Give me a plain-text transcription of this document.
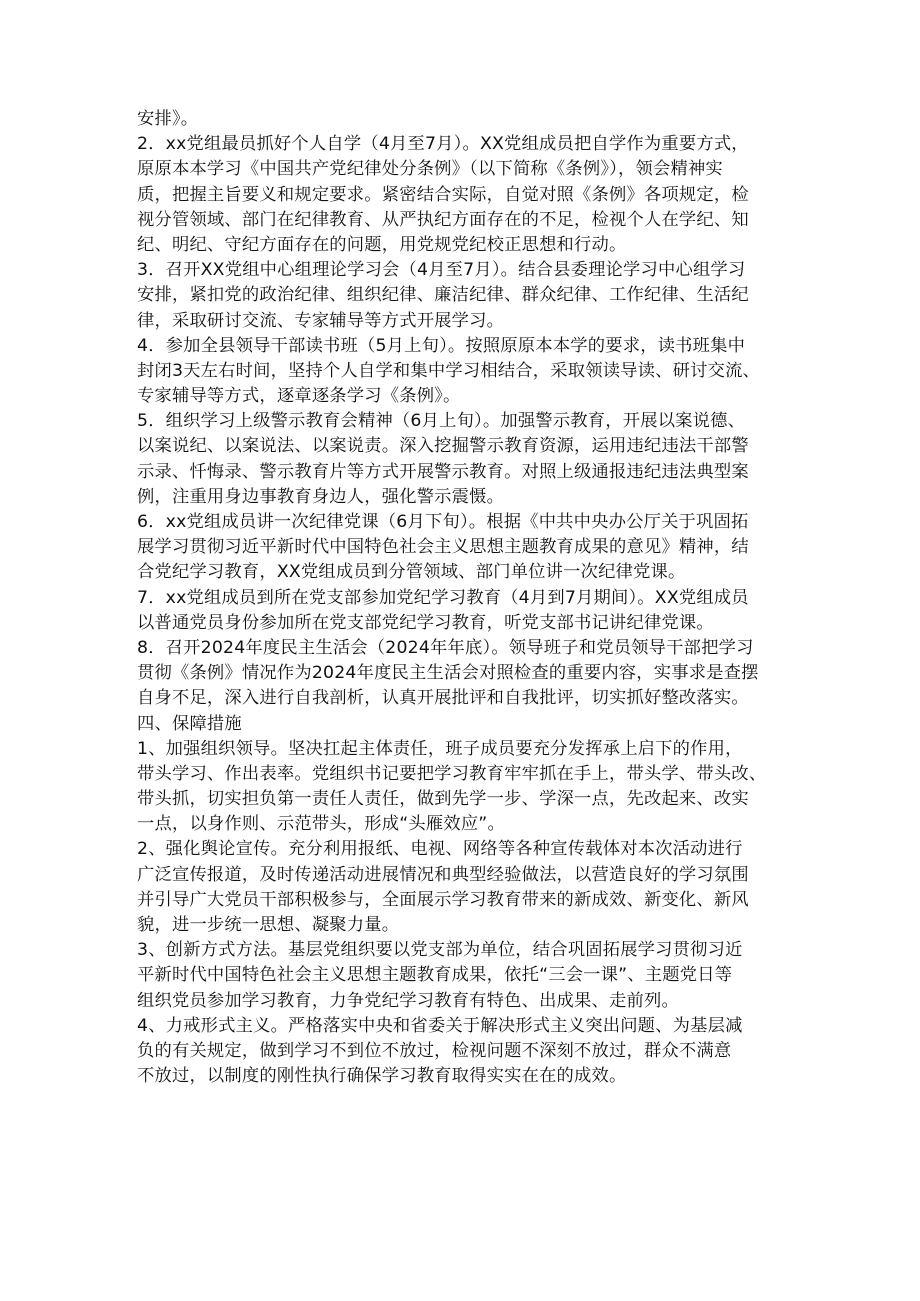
安排》。
2．xx党组最员抓好个人自学（4月至7月）。XX党组成员把自学作为重要方式，
原原本本学习《中国共产党纪律处分条例》（以下简称《条例》），领会精神实
质，把握主旨要义和规定要求。紧密结合实际，自觉对照《条例》各项规定，检
视分管领域、部门在纪律教育、从严执纪方面存在的不足，检视个人在学纪、知
纪、明纪、守纪方面存在的问题，用党规党纪校正思想和行动。
3．召开XX党组中心组理论学习会（4月至7月）。结合县委理论学习中心组学习
安排，紧扣党的政治纪律、组织纪律、廉洁纪律、群众纪律、工作纪律、生活纪
律，采取研讨交流、专家辅导等方式开展学习。
4．参加全县领导干部读书班（5月上旬）。按照原原本本学的要求，读书班集中
封闭3天左右时间，坚持个人自学和集中学习相结合，采取领读导读、研讨交流、
专家辅导等方式，逐章逐条学习《条例》。
5．组织学习上级警示教育会精神（6月上旬）。加强警示教育，开展以案说德、
以案说纪、以案说法、以案说责。深入挖掘警示教育资源，运用违纪违法干部警
示录、忏悔录、警示教育片等方式开展警示教育。对照上级通报违纪违法典型案
例，注重用身边事教育身边人，强化警示震慑。
6．xx党组成员讲一次纪律党课（6月下旬）。根据《中共中央办公厅关于巩固拓
展学习贯彻习近平新时代中国特色社会主义思想主题教育成果的意见》精神，结
合党纪学习教育，XX党组成员到分管领域、部门单位讲一次纪律党课。
7．xx党组成员到所在党支部参加党纪学习教育（4月到7月期间）。XX党组成员
以普通党员身份参加所在党支部党纪学习教育，听党支部书记讲纪律党课。
8．召开2024年度民主生活会（2024年年底）。领导班子和党员领导干部把学习
贯彻《条例》情况作为2024年度民主生活会对照检查的重要内容，实事求是查摆
自身不足，深入进行自我剖析，认真开展批评和自我批评，切实抓好整改落实。
四、保障措施
1、加强组织领导。坚决扛起主体责任，班子成员要充分发挥承上启下的作用，
带头学习、作出表率。党组织书记要把学习教育牢牢抓在手上，带头学、带头改、
带头抓，切实担负第一责任人责任，做到先学一步、学深一点，先改起来、改实
一点，以身作则、示范带头，形成“头雁效应”。
2、强化舆论宣传。充分利用报纸、电视、网络等各种宣传载体对本次活动进行
广泛宣传报道，及时传递活动进展情况和典型经验做法，以营造良好的学习氛围
并引导广大党员干部积极参与，全面展示学习教育带来的新成效、新变化、新风
貌，进一步统一思想、凝聚力量。
3、创新方式方法。基层党组织要以党支部为单位，结合巩固拓展学习贯彻习近
平新时代中国特色社会主义思想主题教育成果，依托“三会一课”、主题党日等
组织党员参加学习教育，力争党纪学习教育有特色、出成果、走前列。
4、力戒形式主义。严格落实中央和省委关于解决形式主义突出问题、为基层减
负的有关规定，做到学习不到位不放过，检视问题不深刻不放过，群众不满意
不放过，以制度的刚性执行确保学习教育取得实实在在的成效。
